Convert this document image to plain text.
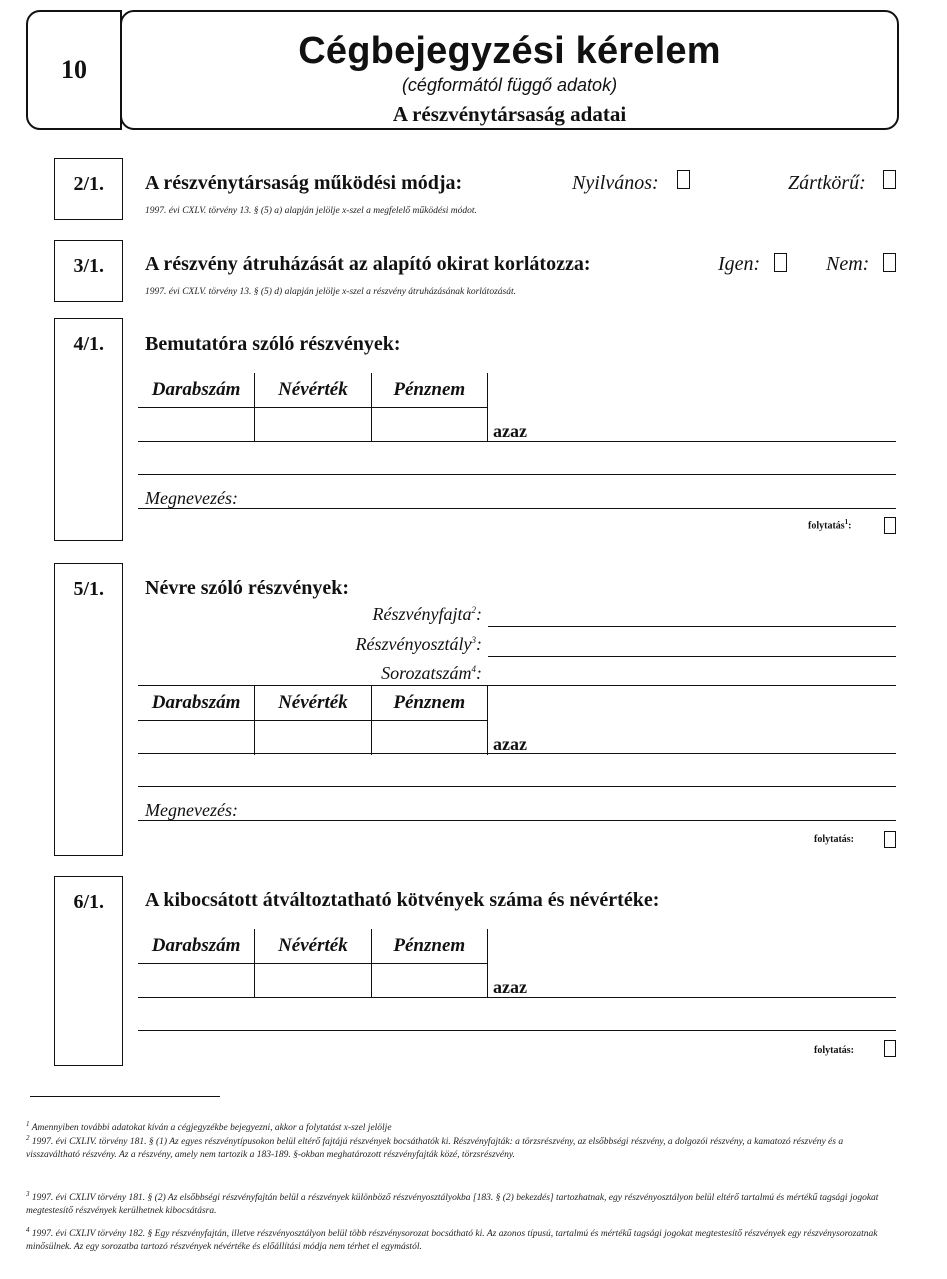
10	Cégbejegyzési kérelem
(cégformától függő adatok)
A részvénytársaság adatai
2/1.	A részvénytársaság működési módja:	Nyilvános:	Zártkörű:
1997. évi CXLV. törvény 13. § (5) a) alapján jelölje x-szel a megfelelő működési módot.
3/1.	A részvény átruházását az alapító okirat korlátozza:	Igen:	Nem:
1997. évi CXLV. törvény 13. § (5) d) alapján jelölje x-szel a részvény átruházásának korlátozását.
4/1.	Bemutatóra szóló részvények:
Darabszám	Névérték	Pénznem

azaz
Megnevezés:
folytatás$^1$:
5/1.	Névre szóló részvények:
Részvényfajta$^2$:
Részvényosztály$^3$:
Sorozatszám$^4$:
Darabszám	Névérték	Pénznem

azaz
Megnevezés:
folytatás:
6/1.	A kibocsátott átváltoztatható kötvények száma és névértéke:
Darabszám	Névérték	Pénznem

azaz
folytatás:
$^1$ Amennyiben további adatokat kíván a cégjegyzékbe bejegyezni, akkor a folytatást x-szel jelölje
$^2$ 1997. évi CXLIV. törvény 181. § (1) Az egyes részvénytípusokon belül eltérő fajtájú részvények bocsáthatók ki. Részvényfajták: a törzsrészvény, az elsőbbségi részvény, a dolgozói részvény, a kamatozó részvény és a visszaváltható részvény. Az a részvény, amely nem tartozik a 183-189. §-okban meghatározott részvényfajták közé, törzsrészvény.
$^3$ 1997. évi CXLIV törvény 181. § (2) Az elsőbbségi részvényfajtán belül a részvények különböző részvényosztályokba [183. § (2) bekezdés] tartozhatnak, egy részvényosztályon belül eltérő tartalmú és mértékű tagsági jogokat megtestesítő részvények kerülhetnek kibocsátásra.
$^4$ 1997. évi CXLIV törvény 182. § Egy részvényfajtán, illetve részvényosztályon belül több részvénysorozat bocsátható ki. Az azonos típusú, tartalmú és mértékű tagsági jogokat megtestesítő részvények egy részvénysorozatnak minősülnek. Az egy sorozatba tartozó részvények névértéke és előállítási módja nem térhet el egymástól.
